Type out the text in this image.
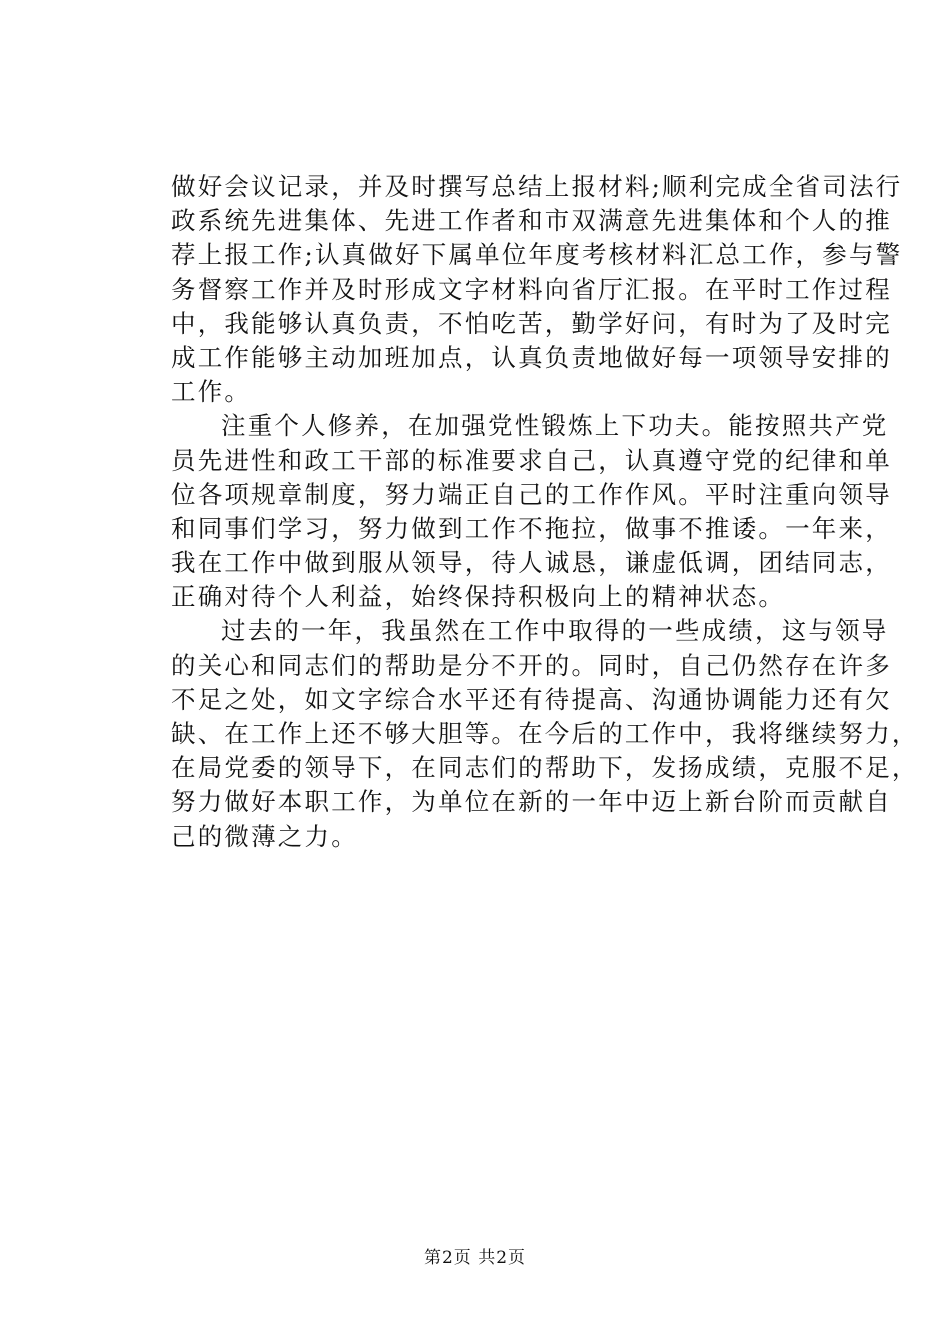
做好会议记录，并及时撰写总结上报材料;顺利完成全省司法行
政系统先进集体、先进工作者和市双满意先进集体和个人的推
荐上报工作;认真做好下属单位年度考核材料汇总工作，参与警
务督察工作并及时形成文字材料向省厅汇报。在平时工作过程
中，我能够认真负责，不怕吃苦，勤学好问，有时为了及时完
成工作能够主动加班加点，认真负责地做好每一项领导安排的
工作。
注重个人修养，在加强党性锻炼上下功夫。能按照共产党
员先进性和政工干部的标准要求自己，认真遵守党的纪律和单
位各项规章制度，努力端正自己的工作作风。平时注重向领导
和同事们学习，努力做到工作不拖拉，做事不推诿。一年来，
我在工作中做到服从领导，待人诚恳，谦虚低调，团结同志，
正确对待个人利益，始终保持积极向上的精神状态。
过去的一年，我虽然在工作中取得的一些成绩，这与领导
的关心和同志们的帮助是分不开的。同时，自己仍然存在许多
不足之处，如文字综合水平还有待提高、沟通协调能力还有欠
缺、在工作上还不够大胆等。在今后的工作中，我将继续努力，
在局党委的领导下，在同志们的帮助下，发扬成绩，克服不足，
努力做好本职工作，为单位在新的一年中迈上新台阶而贡献自
己的微薄之力。
第2页 共2页
